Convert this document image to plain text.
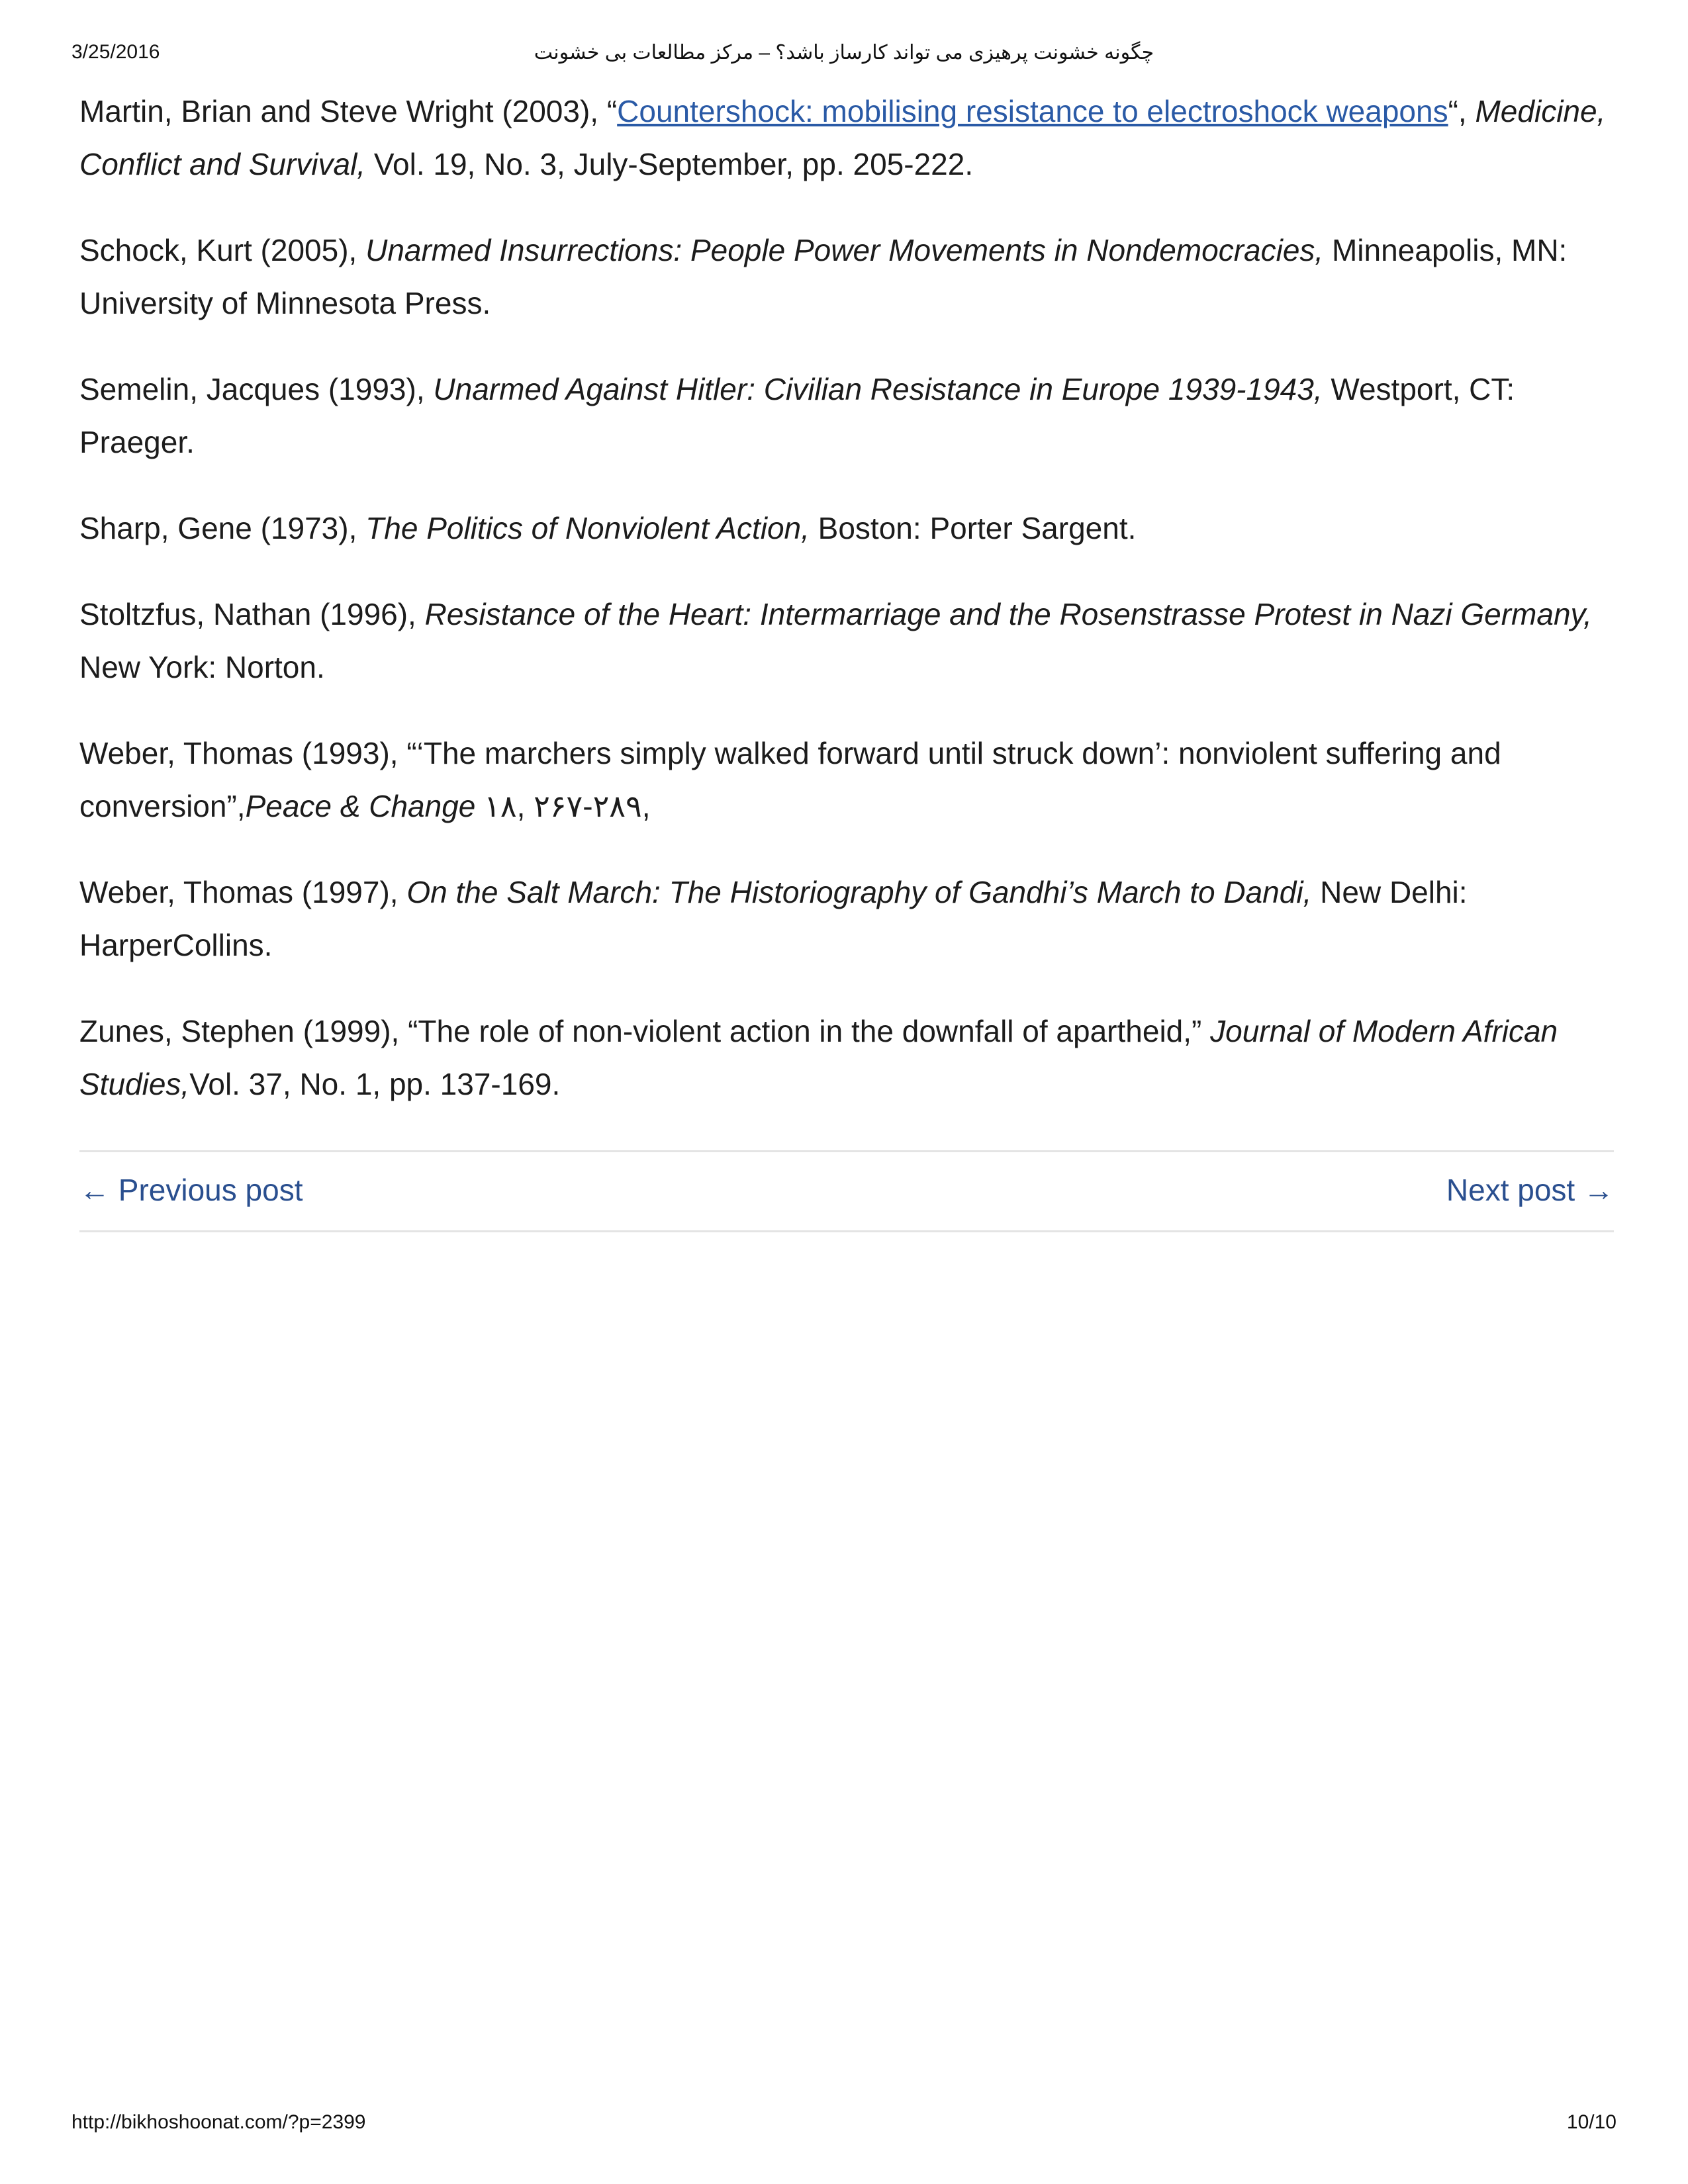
3/25/2016	چگونه خشونت پرهیزی می تواند کارساز باشد؟ – مرکز مطالعات بی خشونت

Martin, Brian and Steve Wright (2003), “Countershock: mobilising resistance to electroshock weapons“, Medicine, Conflict and Survival, Vol. 19, No. 3, July-September, pp. 205-222.

Schock, Kurt (2005), Unarmed Insurrections: People Power Movements in Nondemocracies, Minneapolis, MN: University of Minnesota Press.

Semelin, Jacques (1993), Unarmed Against Hitler: Civilian Resistance in Europe 1939-1943, Westport, CT: Praeger.

Sharp, Gene (1973), The Politics of Nonviolent Action, Boston: Porter Sargent.

Stoltzfus, Nathan (1996), Resistance of the Heart: Intermarriage and the Rosenstrasse Protest in Nazi Germany, New York: Norton.

Weber, Thomas (1993), “‘The marchers simply walked forward until struck down’: nonviolent suffering and conversion”,Peace & Change ۱۸, ۲۶۷-۲۸۹,

Weber, Thomas (1997), On the Salt March: The Historiography of Gandhi’s March to Dandi, New Delhi: HarperCollins.

Zunes, Stephen (1999), “The role of non-violent action in the downfall of apartheid,” Journal of Modern African Studies,Vol. 37, No. 1, pp. 137-169.

← Previous post	Next post →
http://bikhoshoonat.com/?p=2399	10/10
